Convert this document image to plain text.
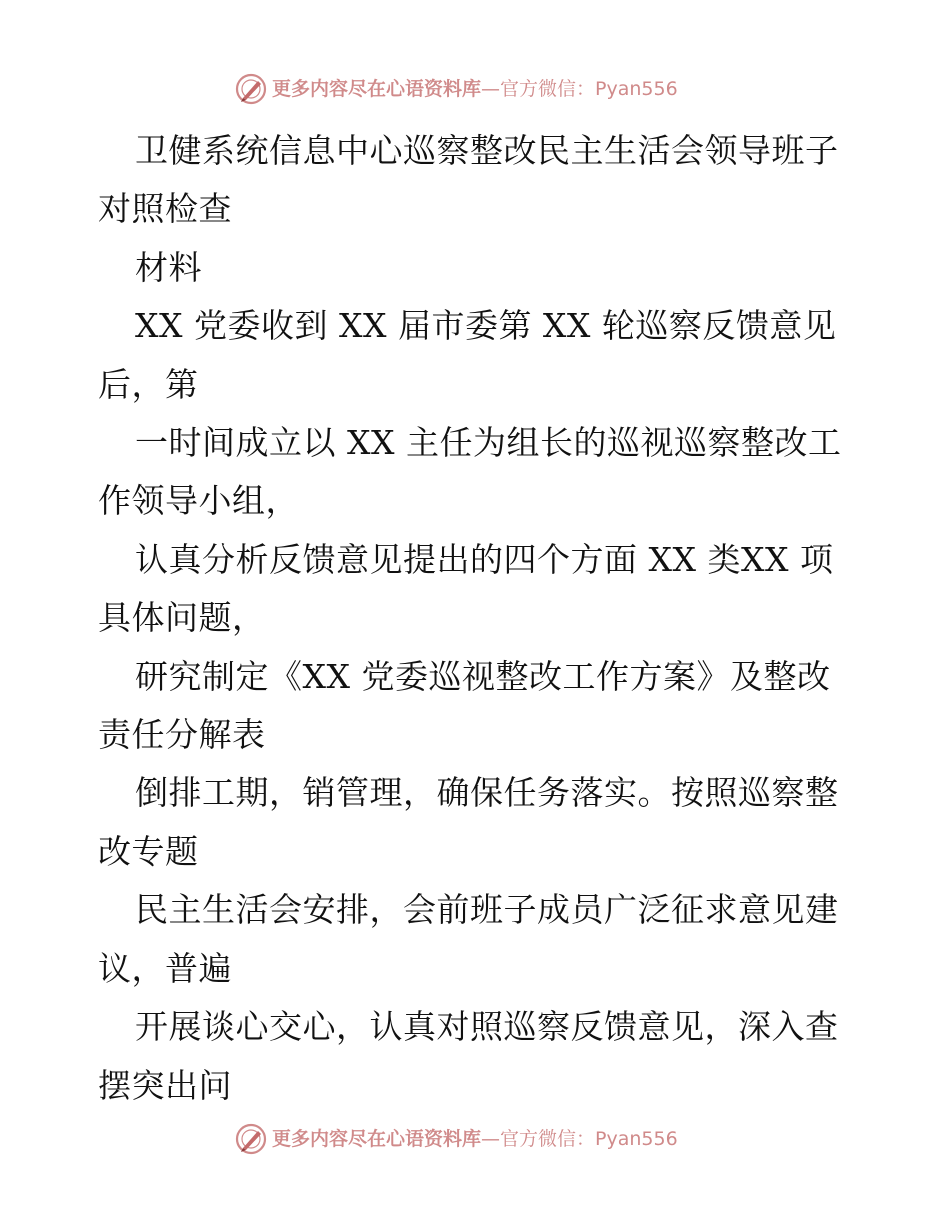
更多内容尽在心语资料库—官方微信：Pyan556

卫健系统信息中心巡察整改民主生活会领导班子

对照检查

材料

XX 党委收到 XX 届市委第 XX 轮巡察反馈意见

后，第

一时间成立以 XX 主任为组长的巡视巡察整改工

作领导小组，

认真分析反馈意见提出的四个方面 XX 类XX 项

具体问题，

研究制定《XX 党委巡视整改工作方案》及整改

责任分解表

倒排工期，销管理，确保任务落实。按照巡察整

改专题

民主生活会安排，会前班子成员广泛征求意见建

议，普遍

开展谈心交心，认真对照巡察反馈意见，深入查

摆突出问

更多内容尽在心语资料库—官方微信：Pyan556
